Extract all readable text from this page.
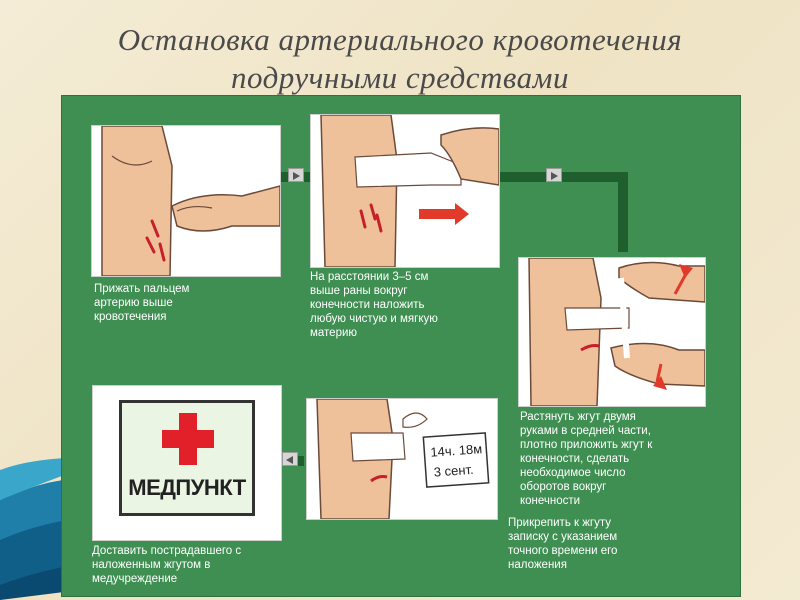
Остановка артериального кровотечения
подручными средствами
Прижать пальцем
артерию выше
кровотечения
На расстоянии 3–5 см
выше раны вокруг
конечности наложить
любую чистую и мягкую
материю
Растянуть жгут двумя
руками в средней части,
плотно приложить жгут к
конечности, сделать
необходимое число
оборотов вокруг
конечности
14ч. 18м
3 сент.
Прикрепить к жгуту
записку с указанием
точного времени его
наложения
МЕДПУНКТ
Доставить пострадавшего с
наложенным жгутом в
медучреждение
